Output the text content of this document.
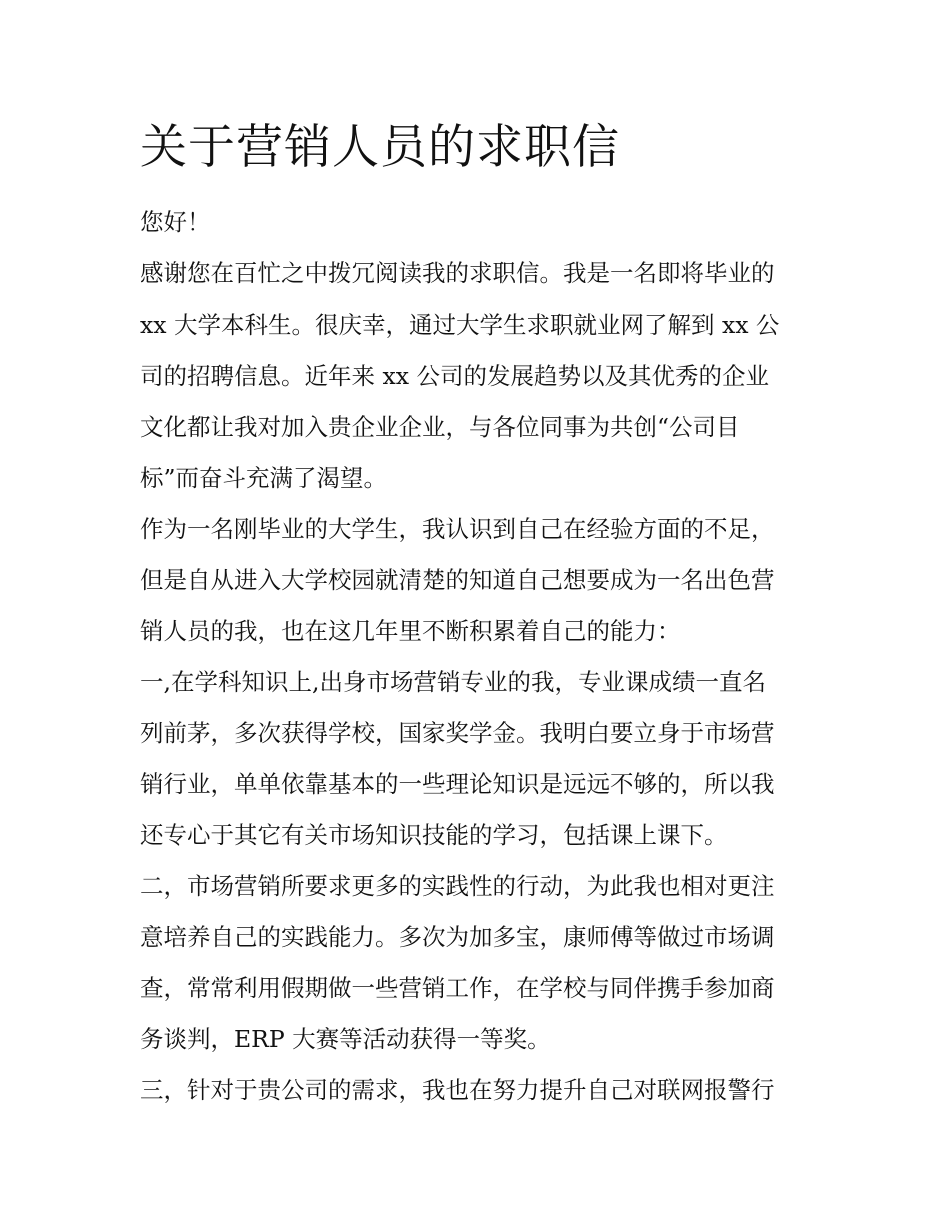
关于营销人员的求职信

您好！

感谢您在百忙之中拨冗阅读我的求职信。我是一名即将毕业的

xx 大学本科生。很庆幸，通过大学生求职就业网了解到 xx 公

司的招聘信息。近年来 xx 公司的发展趋势以及其优秀的企业

文化都让我对加入贵企业企业，与各位同事为共创“公司目

标”而奋斗充满了渴望。

作为一名刚毕业的大学生，我认识到自己在经验方面的不足，

但是自从进入大学校园就清楚的知道自己想要成为一名出色营

销人员的我，也在这几年里不断积累着自己的能力：

一,在学科知识上,出身市场营销专业的我，专业课成绩一直名

列前茅，多次获得学校，国家奖学金。我明白要立身于市场营

销行业，单单依靠基本的一些理论知识是远远不够的，所以我

还专心于其它有关市场知识技能的学习，包括课上课下。

二，市场营销所要求更多的实践性的行动，为此我也相对更注

意培养自己的实践能力。多次为加多宝，康师傅等做过市场调

查，常常利用假期做一些营销工作，在学校与同伴携手参加商

务谈判，ERP 大赛等活动获得一等奖。

三，针对于贵公司的需求，我也在努力提升自己对联网报警行
